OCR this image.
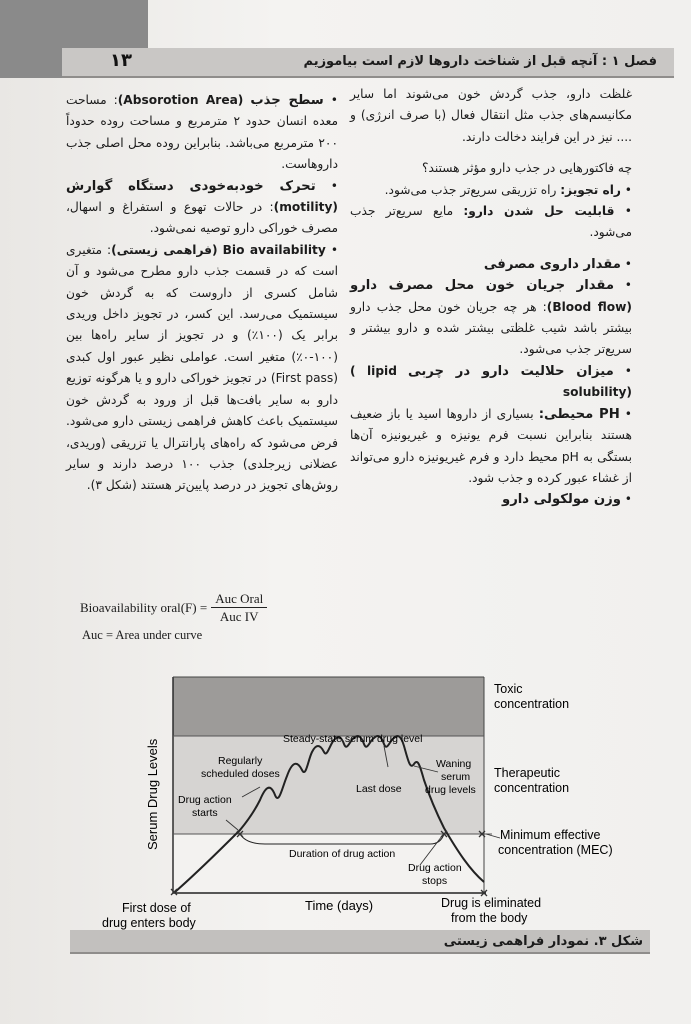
۱۳	فصل ۱ : آنچه قبل از شناخت داروها لازم است بیاموزیم

غلظت دارو، جذب گردش خون می‌شوند اما سایر مکانیسم‌های جذب مثل انتقال فعال (با صرف انرژی) و .... نیز در این فرایند دخالت دارند.

چه فاکتورهایی در جذب دارو مؤثر هستند؟

• راه تجویز: راه تزریقی سریع‌تر جذب می‌شود.

• قابلیت حل شدن دارو: مایع سریع‌تر جذب می‌شود.

• مقدار داروی مصرفی

• مقدار جریان خون محل مصرف دارو (Blood flow): هر چه جریان خون محل جذب دارو بیشتر باشد شیب غلظتی بیشتر شده و دارو بیشتر و سریع‌تر جذب می‌شود.

• میزان حلالیت دارو در چربی ( lipid solubility)

• PH محیطی: بسیاری از داروها اسید یا باز ضعیف هستند بنابراین نسبت فرم یونیزه و غیریونیزه آن‌ها بستگی به pH محیط دارد و فرم غیریونیزه دارو می‌تواند از غشاء عبور کرده و جذب شود.

• وزن مولکولی دارو

• سطح جذب (Absorotion Area): مساحت معده انسان حدود ۲ مترمربع و مساحت روده حدوداً ۲۰۰ مترمربع می‌باشد. بنابراین روده محل اصلی جذب داروهاست.

• تحرک خودبه‌خودی دستگاه گوارش (motility): در حالات تهوع و استفراغ و اسهال، مصرف خوراکی دارو توصیه نمی‌شود.

• Bio availability (فراهمی زیستی): متغیری است که در قسمت جذب دارو مطرح می‌شود و آن شامل کسری از داروست که به گردش خون سیستمیک می‌رسد. این کسر، در تجویز داخل وریدی برابر یک (۱۰۰٪) و در تجویز از سایر راه‌ها بین (۱۰۰-۰٪) متغیر است. عواملی نظیر عبور اول کبدی (First pass) در تجویز خوراکی دارو و یا هرگونه توزیع دارو به سایر بافت‌ها قبل از ورود به گردش خون سیستمیک باعث کاهش فراهمی زیستی دارو می‌شود. فرض می‌شود که راه‌های پارانترال یا تزریقی (وریدی، عضلانی زیرجلدی) جذب ۱۰۰ درصد دارند و سایر روش‌های تجویز در درصد پایین‌تر هستند (شکل ۳).

Bioavailability oral(F) = $\frac{\text{Auc Oral}}{\text{Auc IV}}$
Auc = Area under curve
Serum Drug Levels
Time (days)
Toxic
concentration
Therapeutic
concentration
Minimum effective
concentration (MEC)
Steady-state serum drug level
Regularly
scheduled doses
Waning
serum
drug levels
Last dose
Drug action
starts
Duration of drug action
Drug action
stops
First dose of
drug enters body
Drug is eliminated
from the body
شکل ۳. نمودار فراهمی زیستی
